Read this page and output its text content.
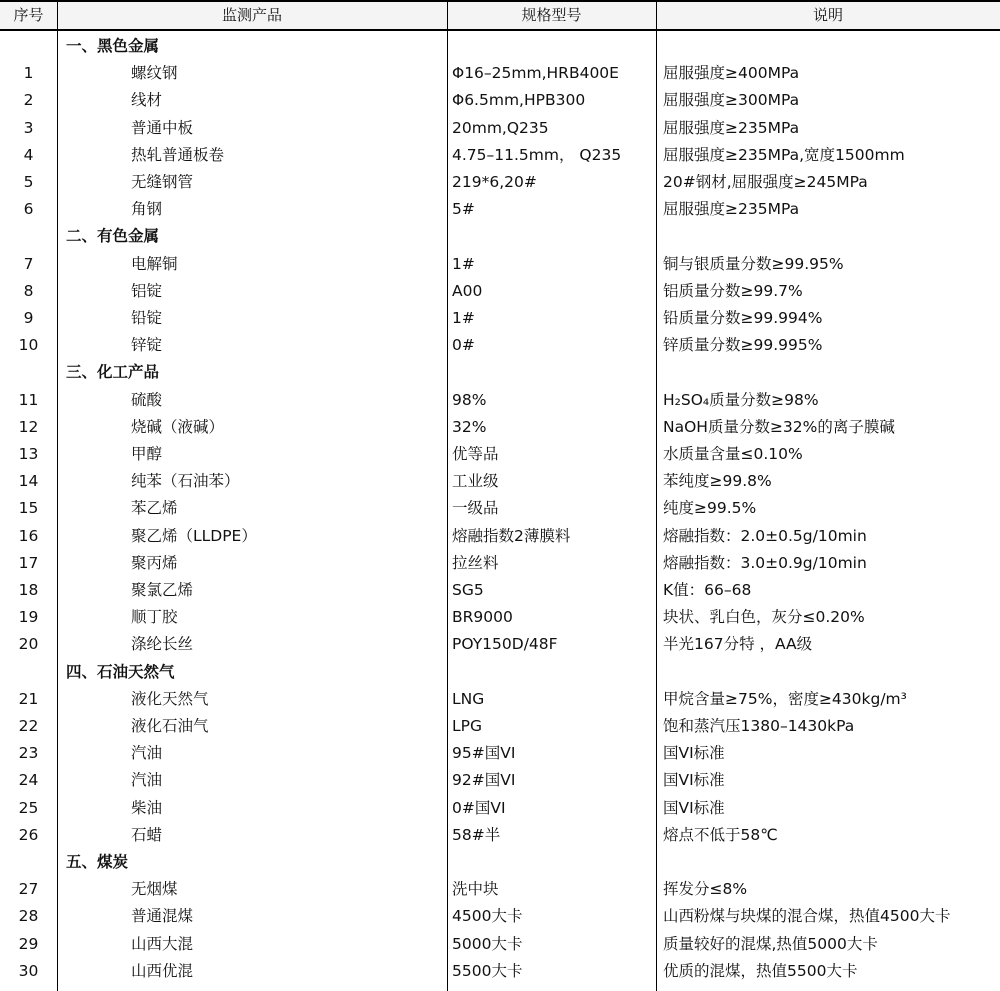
序号	监测产品	规格型号	说明
一、黑色金属
1	螺纹钢	Φ16–25mm,HRB400E	屈服强度≥400MPa
2	线材	Φ6.5mm,HPB300	屈服强度≥300MPa
3	普通中板	20mm,Q235	屈服强度≥235MPa
4	热轧普通板卷	4.75–11.5mm， Q235	屈服强度≥235MPa,宽度1500mm
5	无缝钢管	219*6,20#	20#钢材,屈服强度≥245MPa
6	角钢	5#	屈服强度≥235MPa
二、有色金属
7	电解铜	1#	铜与银质量分数≥99.95%
8	铝锭	A00	铝质量分数≥99.7%
9	铅锭	1#	铅质量分数≥99.994%
10	锌锭	0#	锌质量分数≥99.995%
三、化工产品
11	硫酸	98%	H₂SO₄质量分数≥98%
12	烧碱（液碱）	32%	NaOH质量分数≥32%的离子膜碱
13	甲醇	优等品	水质量含量≤0.10%
14	纯苯（石油苯）	工业级	苯纯度≥99.8%
15	苯乙烯	一级品	纯度≥99.5%
16	聚乙烯（LLDPE）	熔融指数2薄膜料	熔融指数：2.0±0.5g/10min
17	聚丙烯	拉丝料	熔融指数：3.0±0.9g/10min
18	聚氯乙烯	SG5	K值：66–68
19	顺丁胶	BR9000	块状、乳白色，灰分≤0.20%
20	涤纶长丝	POY150D/48F	半光167分特 ，AA级
四、石油天然气
21	液化天然气	LNG	甲烷含量≥75%，密度≥430kg/m³
22	液化石油气	LPG	饱和蒸汽压1380–1430kPa
23	汽油	95#国VI	国VI标准
24	汽油	92#国VI	国VI标准
25	柴油	0#国VI	国VI标准
26	石蜡	58#半	熔点不低于58℃
五、煤炭
27	无烟煤	洗中块	挥发分≤8%
28	普通混煤	4500大卡	山西粉煤与块煤的混合煤，热值4500大卡
29	山西大混	5000大卡	质量较好的混煤,热值5000大卡
30	山西优混	5500大卡	优质的混煤，热值5500大卡
